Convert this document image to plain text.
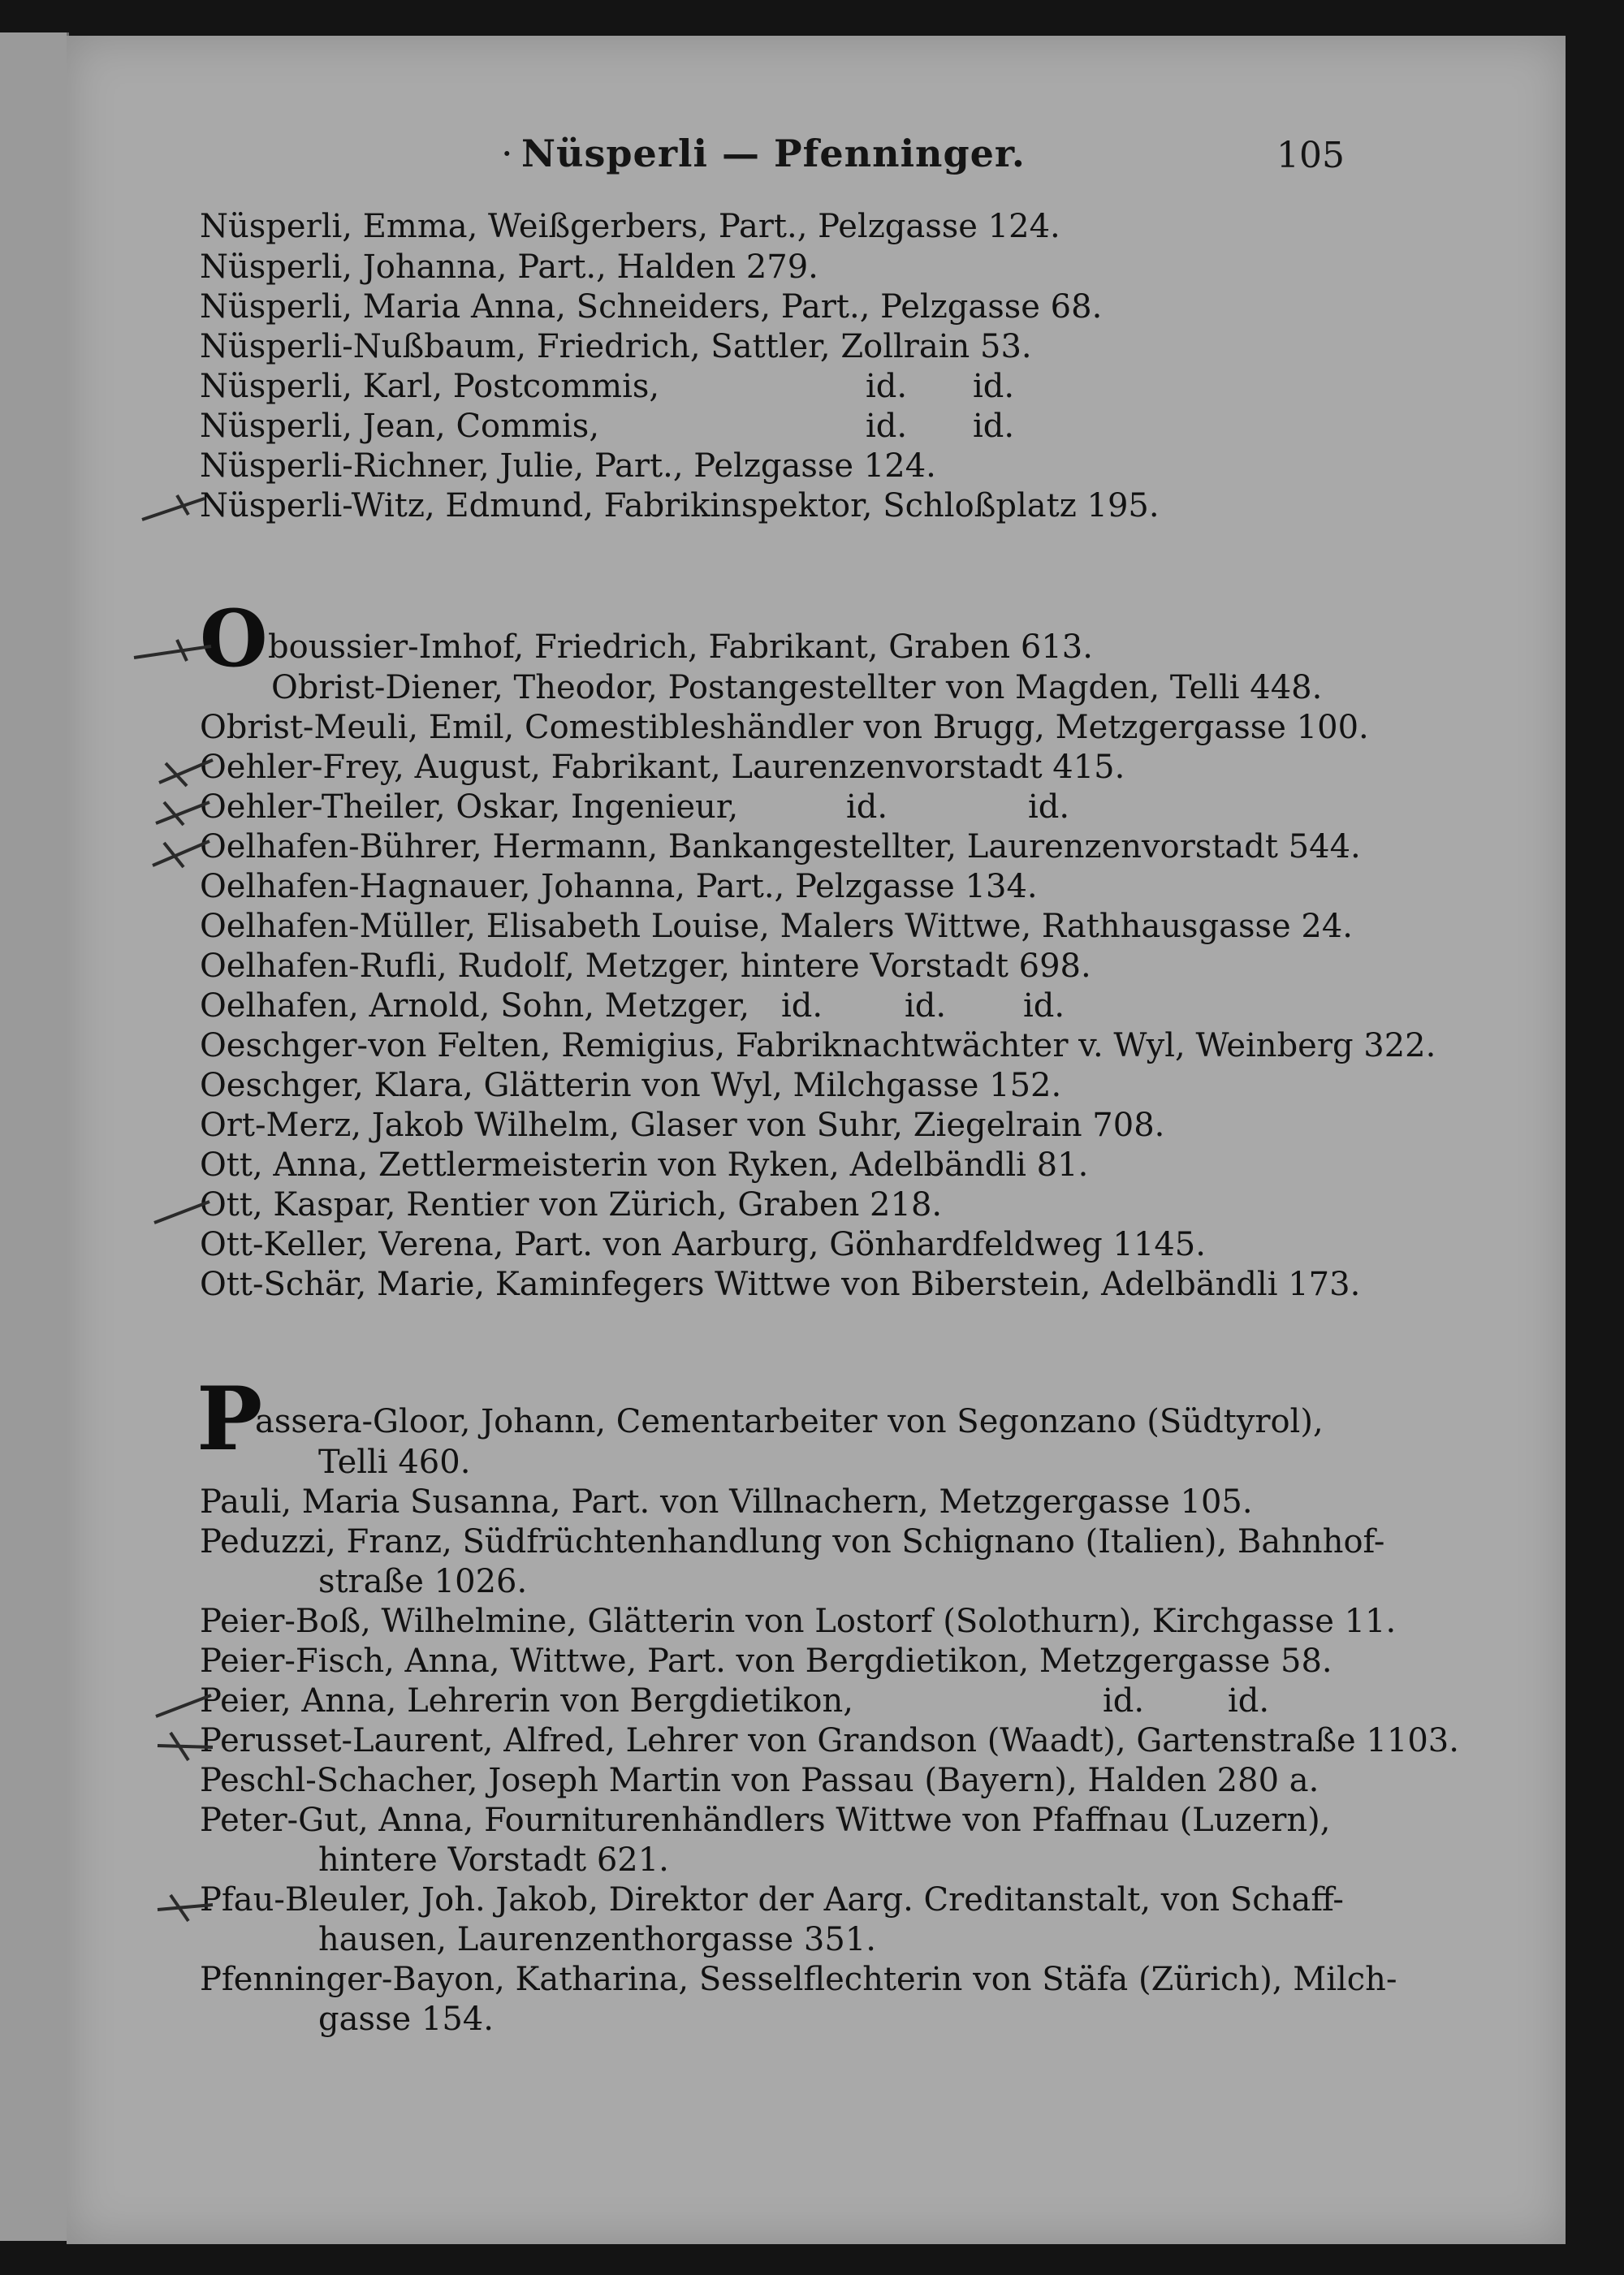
· Nüsperli — Pfenninger.	105
Nüsperli, Emma, Weißgerbers, Part., Pelzgasse 124.
Nüsperli, Johanna, Part., Halden 279.
Nüsperli, Maria Anna, Schneiders, Part., Pelzgasse 68.
Nüsperli-Nußbaum, Friedrich, Sattler, Zollrain 53.
Nüsperli, Karl, Postcommis,	id. id.
Nüsperli, Jean, Commis,	id. id.
Nüsperli-Richner, Julie, Part., Pelzgasse 124.
Nüsperli-Witz, Edmund, Fabrikinspektor, Schloßplatz 195.
O boussier-Imhof, Friedrich, Fabrikant, Graben 613.
Obrist-Diener, Theodor, Postangestellter von Magden, Telli 448.
Obrist-Meuli, Emil, Comestibleshändler von Brugg, Metzgergasse 100.
Oehler-Frey, August, Fabrikant, Laurenzenvorstadt 415.
Oehler-Theiler, Oskar, Ingenieur,	id.	id.
Oelhafen-Bührer, Hermann, Bankangestellter, Laurenzenvorstadt 544.
Oelhafen-Hagnauer, Johanna, Part., Pelzgasse 134.
Oelhafen-Müller, Elisabeth Louise, Malers Wittwe, Rathhausgasse 24.
Oelhafen-Rufli, Rudolf, Metzger, hintere Vorstadt 698.
Oelhafen, Arnold, Sohn, Metzger, id.	id. id.
Oeschger-von Felten, Remigius, Fabriknachtwächter v. Wyl, Weinberg 322.
Oeschger, Klara, Glätterin von Wyl, Milchgasse 152.
Ort-Merz, Jakob Wilhelm, Glaser von Suhr, Ziegelrain 708.
Ott, Anna, Zettlermeisterin von Ryken, Adelbändli 81.
Ott, Kaspar, Rentier von Zürich, Graben 218.
Ott-Keller, Verena, Part. von Aarburg, Gönhardfeldweg 1145.
Ott-Schär, Marie, Kaminfegers Wittwe von Biberstein, Adelbändli 173.
P
assera-Gloor, Johann, Cementarbeiter von Segonzano (Südtyrol),
Telli 460.
Pauli, Maria Susanna, Part. von Villnachern, Metzgergasse 105.
Peduzzi, Franz, Südfrüchtenhandlung von Schignano (Italien), Bahnhof-
straße 1026.
Peier-Boß, Wilhelmine, Glätterin von Lostorf (Solothurn), Kirchgasse 11.
Peier-Fisch, Anna, Wittwe, Part. von Bergdietikon, Metzgergasse 58.
Peier, Anna, Lehrerin von Bergdietikon,	id.	id.
Perusset-Laurent, Alfred, Lehrer von Grandson (Waadt), Gartenstraße 1103.
Peschl-Schacher, Joseph Martin von Passau (Bayern), Halden 280 a.
Peter-Gut, Anna, Fourniturenhändlers Wittwe von Pfaffnau (Luzern),
hintere Vorstadt 621.
Pfau-Bleuler, Joh. Jakob, Direktor der Aarg. Creditanstalt, von Schaff-
hausen, Laurenzenthorgasse 351.
Pfenninger-Bayon, Katharina, Sesselflechterin von Stäfa (Zürich), Milch-
gasse 154.
